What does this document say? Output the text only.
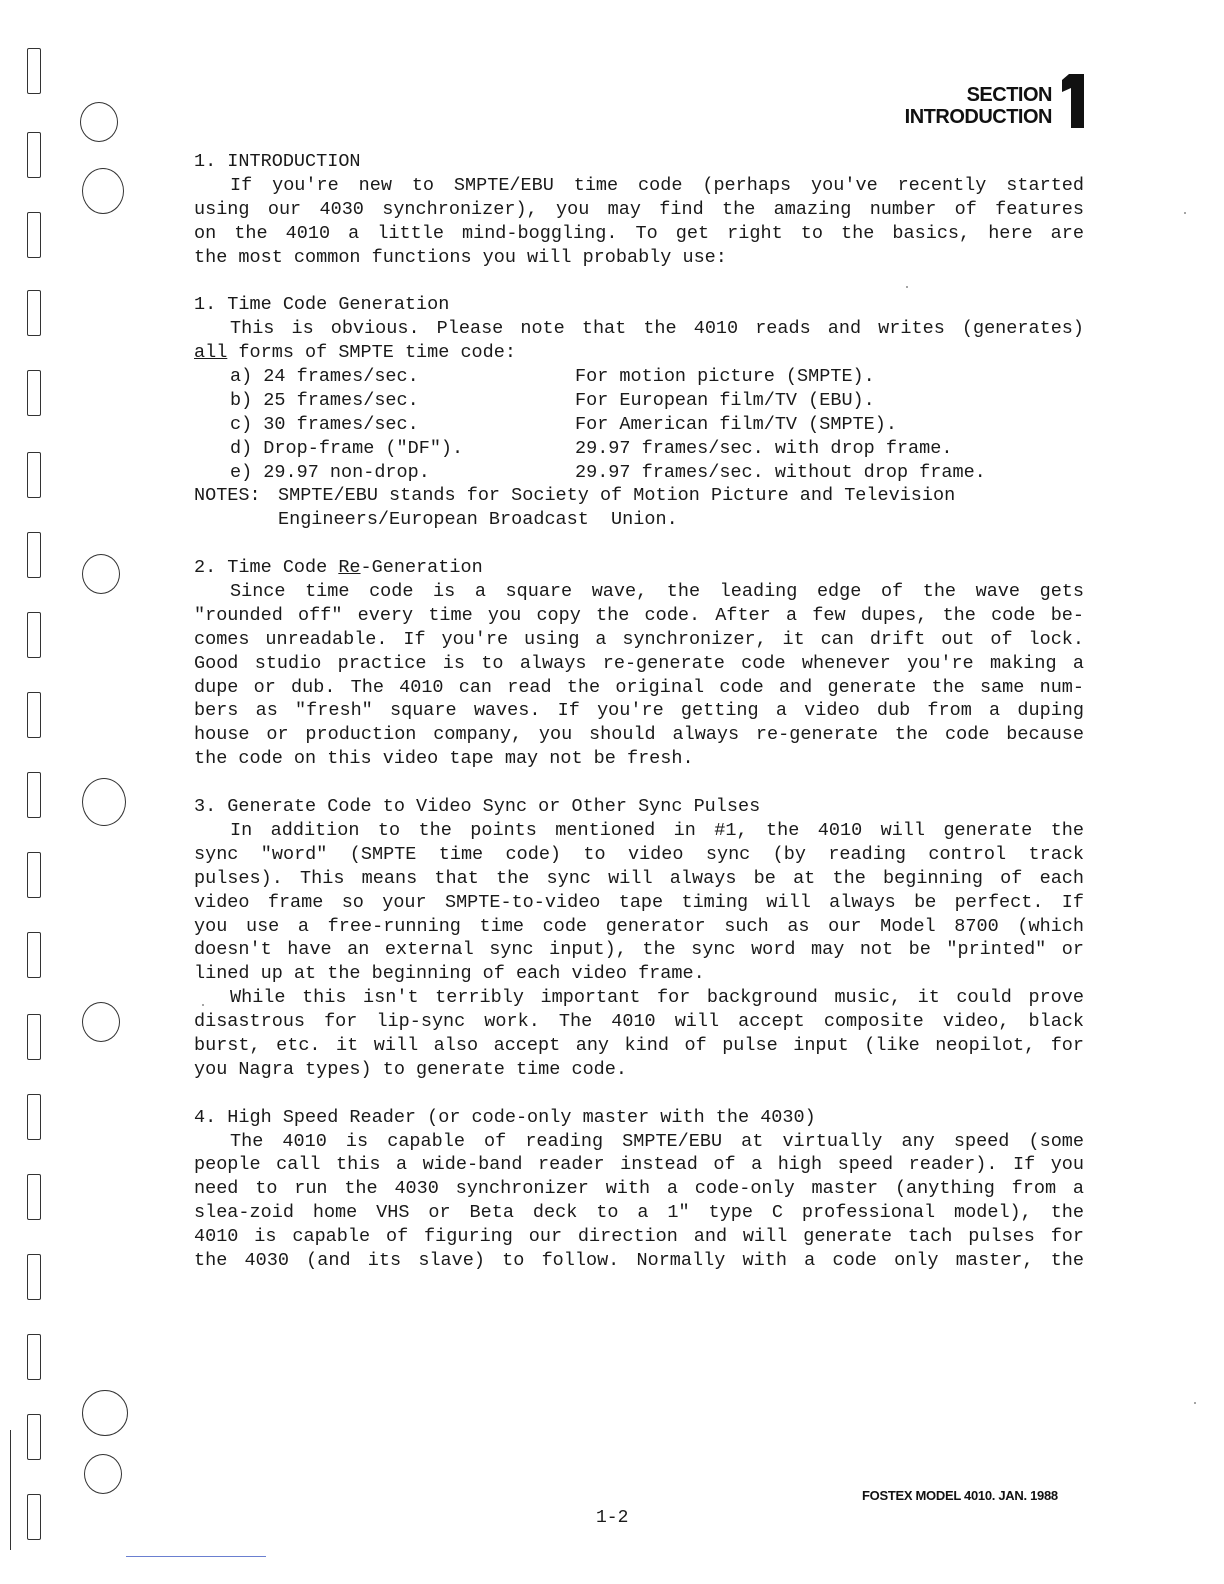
SECTION
INTRODUCTION
1. INTRODUCTION
If you're new to SMPTE/EBU time code (perhaps you've recently started
using our 4030 synchronizer), you may find the amazing number of features
on the 4010 a little mind-boggling. To get right to the basics, here are
the most common functions you will probably use:
1. Time Code Generation
This is obvious. Please note that the 4010 reads and writes (generates)
all forms of SMPTE time code:
a) 24 frames/sec.	For motion picture (SMPTE).
b) 25 frames/sec.	For European film/TV (EBU).
c) 30 frames/sec.	For American film/TV (SMPTE).
d) Drop-frame ("DF").	29.97 frames/sec. with drop frame.
e) 29.97 non-drop.	29.97 frames/sec. without drop frame.
NOTES: SMPTE/EBU stands for Society of Motion Picture and Television
Engineers/European Broadcast  Union.
2. Time Code Re-Generation
Since time code is a square wave, the leading edge of the wave gets
"rounded off" every time you copy the code. After a few dupes, the code be-
comes unreadable. If you're using a synchronizer, it can drift out of lock.
Good studio practice is to always re-generate code whenever you're making a
dupe or dub. The 4010 can read the original code and generate the same num-
bers as "fresh" square waves. If you're getting a video dub from a duping
house or production company, you should always re-generate the code because
the code on this video tape may not be fresh.
3. Generate Code to Video Sync or Other Sync Pulses
In addition to the points mentioned in #1, the 4010 will generate the
sync "word" (SMPTE time code) to video sync (by reading control track
pulses). This means that the sync will always be at the beginning of each
video frame so your SMPTE-to-video tape timing will always be perfect. If
you use a free-running time code generator such as our Model 8700 (which
doesn't have an external sync input), the sync word may not be "printed" or
lined up at the beginning of each video frame.
While this isn't terribly important for background music, it could prove
disastrous for lip-sync work. The 4010 will accept composite video, black
burst, etc. it will also accept any kind of pulse input (like neopilot, for
you Nagra types) to generate time code.
4. High Speed Reader (or code-only master with the 4030)
The 4010 is capable of reading SMPTE/EBU at virtually any speed (some
people call this a wide-band reader instead of a high speed reader). If you
need to run the 4030 synchronizer with a code-only master (anything from a
slea-zoid home VHS or Beta deck to a 1" type C professional model), the
4010 is capable of figuring our direction and will generate tach pulses for
the 4030 (and its slave) to follow. Normally with a code only master, the
FOSTEX MODEL 4010. JAN. 1988
1-2
